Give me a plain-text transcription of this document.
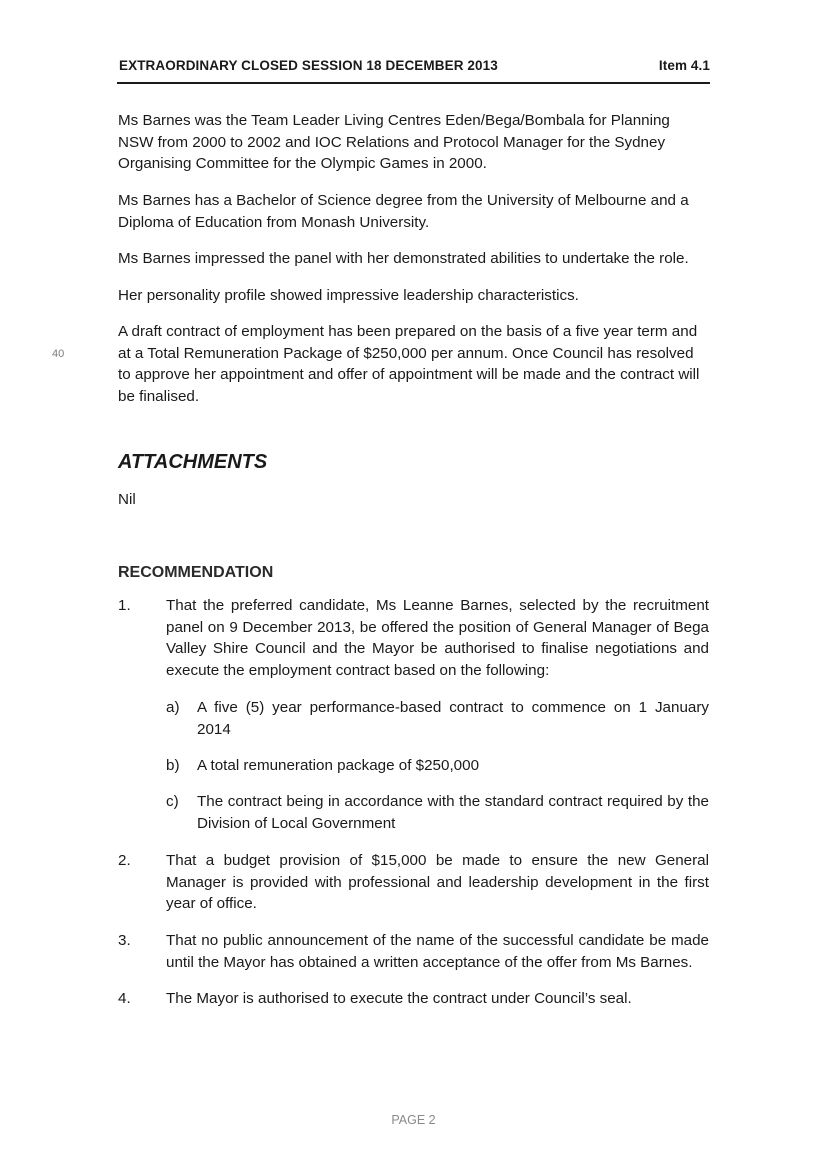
EXTRAORDINARY CLOSED SESSION 18 DECEMBER 2013	Item 4.1

Ms Barnes was the Team Leader Living Centres Eden/Bega/Bombala for Planning NSW from 2000 to 2002 and IOC Relations and Protocol Manager for the Sydney Organising Committee for the Olympic Games in 2000.

Ms Barnes has a Bachelor of Science degree from the University of Melbourne and a Diploma of Education from Monash University.

Ms Barnes impressed the panel with her demonstrated abilities to undertake the role.

Her personality profile showed impressive leadership characteristics.

A draft contract of employment has been prepared on the basis of a five year term and at a Total Remuneration Package of $250,000 per annum. Once Council has resolved to approve her appointment and offer of appointment will be made and the contract will be finalised.

40
ATTACHMENTS

Nil

RECOMMENDATION
1. That the preferred candidate, Ms Leanne Barnes, selected by the recruitment panel on 9 December 2013, be offered the position of General Manager of Bega Valley Shire Council and the Mayor be authorised to finalise negotiations and execute the employment contract based on the following:

a) A five (5) year performance-based contract to commence on 1 January 2014

b) A total remuneration package of $250,000

c) The contract being in accordance with the standard contract required by the Division of Local Government

2. That a budget provision of $15,000 be made to ensure the new General Manager is provided with professional and leadership development in the first year of office.

3. That no public announcement of the name of the successful candidate be made until the Mayor has obtained a written acceptance of the offer from Ms Barnes.

4. The Mayor is authorised to execute the contract under Council’s seal.

PAGE 2
